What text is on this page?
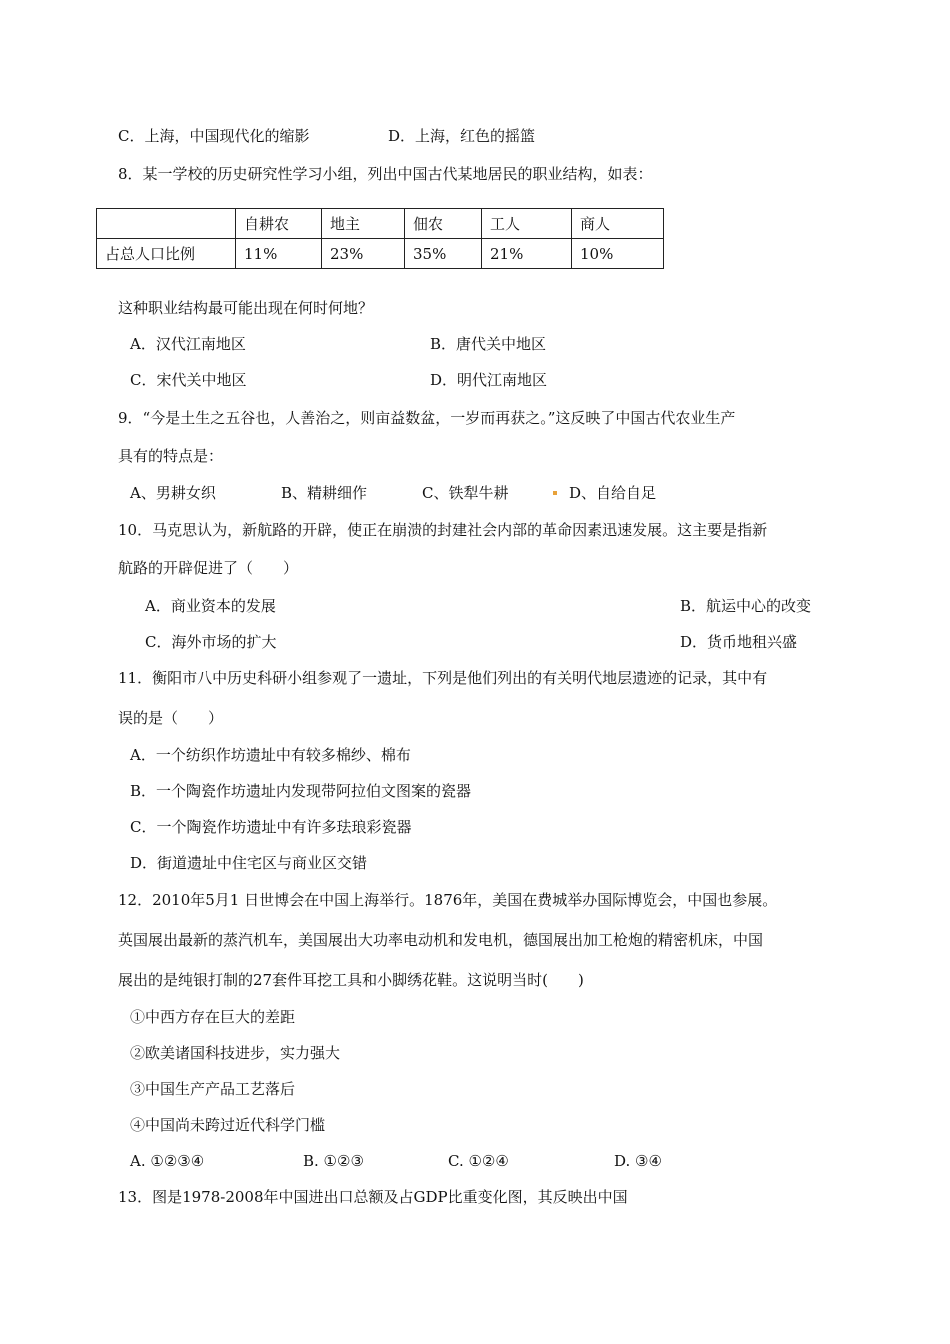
C．上海，中国现代化的缩影	D．上海，红色的摇篮
8．某一学校的历史研究性学习小组，列出中国古代某地居民的职业结构，如表：
	自耕农	地主	佃农	工人	商人
占总人口比例	11%	23%	35%	21%	10%
这种职业结构最可能出现在何时何地？
A．汉代江南地区	B．唐代关中地区
C．宋代关中地区	D．明代江南地区
9．“今是土生之五谷也，人善治之，则亩益数盆，一岁而再获之。”这反映了中国古代农业生产
具有的特点是：
A、男耕女织	B、精耕细作	C、铁犁牛耕	D、自给自足
10．马克思认为，新航路的开辟，使正在崩溃的封建社会内部的革命因素迅速发展。这主要是指新
航路的开辟促进了（　　）
A．商业资本的发展	B．航运中心的改变
C．海外市场的扩大	D．货币地租兴盛
11．衡阳市八中历史科研小组参观了一遗址，下列是他们列出的有关明代地层遗迹的记录，其中有
误的是（　　）
A．一个纺织作坊遗址中有较多棉纱、棉布
B．一个陶瓷作坊遗址内发现带阿拉伯文图案的瓷器
C．一个陶瓷作坊遗址中有许多珐琅彩瓷器
D．街道遗址中住宅区与商业区交错
12．2010年5月1 日世博会在中国上海举行。1876年，美国在费城举办国际博览会，中国也参展。
英国展出最新的蒸汽机车，美国展出大功率电动机和发电机，德国展出加工枪炮的精密机床，中国
展出的是纯银打制的27套件耳挖工具和小脚绣花鞋。这说明当时(　　)
①中西方存在巨大的差距
②欧美诸国科技进步，实力强大
③中国生产产品工艺落后
④中国尚未跨过近代科学门槛
A. ①②③④	B. ①②③	C. ①②④	D. ③④
13．图是1978-2008年中国进出口总额及占GDP比重变化图，其反映出中国
